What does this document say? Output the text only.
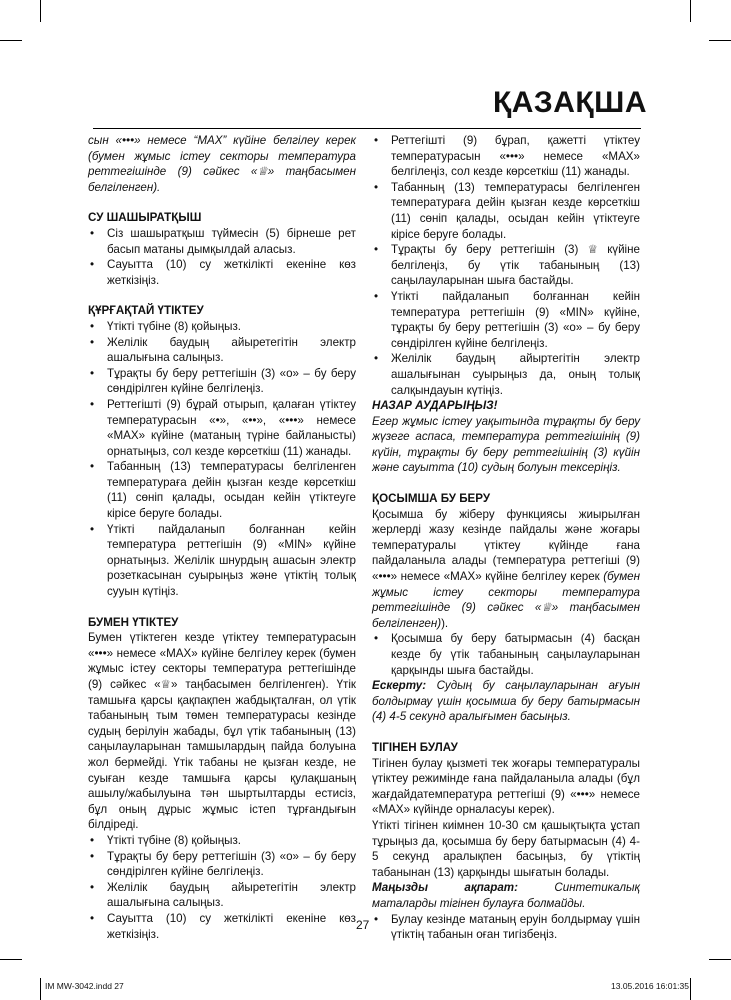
ҚАЗАҚША

сын «•••» немесе “MAX” күйіне белгілеу керек (бумен жұмыс істеу секторы температура реттегішінде (9) сәйкес «♕» таңбасымен белгіленген).

СУ ШАШЫРАТҚЫШ
• Сіз шашыратқыш түймесін (5) бірнеше рет басып матаны дымқылдай аласыз.
• Сауытта (10) су жеткілікті екеніне көз жеткізіңіз.
ҚҰРҒАҚТАЙ ҮТІКТЕУ
• Үтікті түбіне (8) қойыңыз.
• Желілік баудың айыретегітін электр ашалығына салыңыз.
• Тұрақты бу беру реттегішін (3) «о» – бу беру сөндірілген күйіне белгілеңіз.
• Реттегішті (9) бұрай отырып, қалаған үтіктеу температурасын «•», «••», «•••» немесе «MAX» күйіне (матаның түріне байланысты) орнатыңыз, сол кезде көрсеткіш (11) жанады.
• Табанның (13) температурасы белгіленген температураға дейін қызған кезде көрсеткіш (11) сөніп қалады, осыдан кейін үтіктеуге кірісе беруге болады.
• Үтікті пайдаланып болғаннан кейін температура реттегішін (9) «MIN» күйіне орнатыңыз. Желілік шнурдың ашасын электр розеткасынан суырыңыз және үтіктің толық сууын күтіңіз.
БУМЕН ҮТІКТЕУ

Бумен үтіктеген кезде үтіктеу температурасын «•••» немесе «MAX» күйіне белгілеу керек (бумен жұмыс істеу секторы температура реттегішінде (9) сәйкес «♕» таңбасымен белгіленген). Үтік тамшыға қарсы қақпақпен жабдықталған, ол үтік табанының тым төмен температурасы кезінде судың берілуін жабады, бұл үтік табанының (13) саңылауларынан тамшылардың пайда болуына жол бермейді. Үтік табаны не қызған кезде, не суыған кезде тамшыға қарсы қулақшаның ашылу/жабылуына тән шыртылтарды естисіз, бұл оның дұрыс жұмыс істеп тұрғандығын білдіреді.

• Үтікті түбіне (8) қойыңыз.
• Тұрақты бу беру реттегішін (3) «о» – бу беру сөндірілген күйіне белгілеңіз.
• Желілік баудың айыретегітін электр ашалығына салыңыз.
• Сауытта (10) су жеткілікті екеніне көз жеткізіңіз.
• Реттегішті (9) бұрап, қажетті үтіктеу температурасын «•••» немесе «MAX» белгілеңіз, сол кезде көрсеткіш (11) жанады.
• Табанның (13) температурасы белгіленген температураға дейін қызған кезде көрсеткіш (11) сөніп қалады, осыдан кейін үтіктеуге кірісе беруге болады.
• Тұрақты бу беру реттегішін (3) ♕ күйіне белгілеңіз, бу үтік табанының (13) саңылауларынан шыға бастайды.
• Үтікті пайдаланып болғаннан кейін температура реттегішін (9) «MIN» күйіне, тұрақты бу беру реттегішін (3) «о» – бу беру сөндірілген күйіне белгілеңіз.
• Желілік баудың айыртегітін электр ашалығынан суырыңыз да, оның толық салқындауын күтіңіз.
НАЗАР АУДАРЫҢЫЗ!

Егер жұмыс істеу уақытында тұрақты бу беру жүзеге аспаса, температура реттегішінің (9) күйін, тұрақты бу беру реттегішінің (3) күйін және сауытта (10) судың болуын тексеріңіз.

ҚОСЫМША БУ БЕРУ

Қосымша бу жіберу функциясы жиырылған жерлерді жазу кезінде пайдалы және жоғары температуралы үтіктеу күйінде ғана пайдаланыла алады (температура реттегіші (9) «•••» немесе «MAX» күйіне белгілеу керек (бумен жұмыс істеу секторы температура реттегішінде (9) сәйкес «♕» таңбасымен белгіленген)).

• Қосымша бу беру батырмасын (4) басқан кезде бу үтік табанының саңылауларынан қарқынды шыға бастайды.

Ескерту: Судың бу саңылауларынан ағуын болдырмау үшін қосымша бу беру батырмасын (4) 4-5 секунд аралығымен басыңыз.

ТІГІНЕН БУЛАУ

Тігінен булау қызметі тек жоғары температуралы үтіктеу режимінде ғана пайдаланыла алады (бұл жағдайдатемпература реттегіші (9) «•••» немесе «MAX» күйінде орналасуы керек).

Үтікті тігінен киімнен 10-30 см қашықтықта ұстап тұрыңыз да, қосымша бу беру батырмасын (4) 4-5 секунд аралықпен басыңыз, бу үтіктің табанынан (13) қарқынды шығатын болады.

Маңызды ақпарат: Синтетикалық маталарды тігінен булауға болмайды.

• Булау кезінде матаның еруін болдырмау үшін үтіктің табанын оған тигізбеңіз.

27

IM MW-3042.indd 27	13.05.2016 16:01:35
